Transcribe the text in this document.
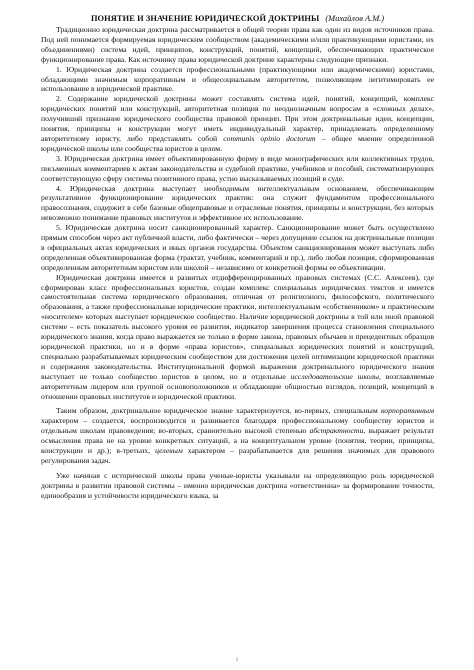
ПОНЯТИЕ И ЗНАЧЕНИЕ ЮРИДИЧЕСКОЙ ДОКТРИНЫ (Михайлов А.М.)

Традиционно юридическая доктрина рассматривается в общей теории права как один из видов источников права. Под ней понимается формируемая юридическим сообществом (академическими и/или практикующими юристами, их объединениями) система идей, принципов, конструкций, понятий, концепций, обеспечивающих практическое функционирование права. Как источнику права юридической доктрине характерны следующие признаки.

1. Юридическая доктрина создается профессиональными (практикующими или академическими) юристами, обладающими значимым корпоративным и общесоциальным авторитетом, позволяющим легитимировать ее использование в юридической практике.

2. Содержание юридической доктрины может составлять система идей, понятий, концепций, комплекс юридических понятий или конструкций, авторитетная позиция по неоднозначным вопросам в «сложных делах», получивший признание юридического сообщества правовой принцип. При этом доктринальные идеи, концепции, понятия, принципы и конструкции могут иметь индивидуальный характер, принадлежать определенному авторитетному юристу, либо представлять собой communis opinio doctorum – общее мнение определенной юридической школы или сообщества юристов в целом.

3. Юридическая доктрина имеет объективированную форму в виде монографических или коллективных трудов, письменных комментариев к актам законодательства и судебной практике, учебников и пособий, систематизирующих соответствующую сферу системы позитивного права, устно высказываемых позиций в суде.

4. Юридическая доктрина выступает необходимым интеллектуальным основанием, обеспечивающим результативное функционирование юридических практик: она служит фундаментом профессионального правосознания, содержит в себе базовые общеправовые и отраслевые понятия, принципы и конструкции, без которых невозможно понимание правовых институтов и эффективное их использование.

5. Юридическая доктрина носит санкционированный характер. Санкционирование может быть осуществлено прямым способом через акт публичной власти, либо фактически – через допущение ссылок на доктринальные позиции в официальных актах юридических и иных органов государства. Объектом санкционирования может выступать либо определенная объективированная форма (трактат, учебник, комментарий и пр.), либо любая позиция, сформированная определенным авторитетным юристом или школой – независимо от конкретной формы ее объективации.

Юридическая доктрина имеется в развитых отдифференцированных правовых системах (С.С. Алексеев), где сформирован класс профессиональных юристов, создан комплекс специальных юридических текстов и имеется самостоятельная система юридического образования, отличная от религиозного, философского, политического образования, а также профессиональные юридические практики, интеллектуальным «собственником» и практическим «носителем» которых выступает юридическое сообщество. Наличие юридической доктрины в той или иной правовой системе – есть показатель высокого уровня ее развития, индикатор завершения процесса становления специального юридического знания, когда право выражается не только в форме закона, правовых обычаев и прецедентных образцов юридической практики, но и в форме «права юристов», специальных юридических понятий и конструкций, специально разрабатываемых юридическим сообществом для достижения целей оптимизации юридической практики и содержания законодательства. Институциональной формой выражения доктринального юридического знания выступает не только сообщество юристов в целом, но и отдельные исследовательские школы, возглавляемые авторитетным лидером или группой основоположников и обладающие общностью взглядов, позиций, концепций в отношении правовых институтов и юридической практики.

Таким образом, доктринальное юридическое знание характеризуется, во-первых, специальным корпоративным характером – создается, воспроизводится и развивается благодаря профессиональному сообществу юристов и отдельным школам правоведения; во-вторых, сравнительно высокой степенью абстрактности, выражает результат осмысления права не на уровне конкретных ситуаций, а на концептуальном уровне (понятия, теории, принципы, конструкции и др.); в-третьих, целевым характером – разрабатывается для решения значимых для правового регулирования задач.

Уже начиная с исторической школы права ученые-юристы указывали на определяющую роль юридической доктрины в развитии правовой системы – именно юридическая доктрина «ответственна» за формирование точности, единообразия и устойчивости юридического языка, за

1
